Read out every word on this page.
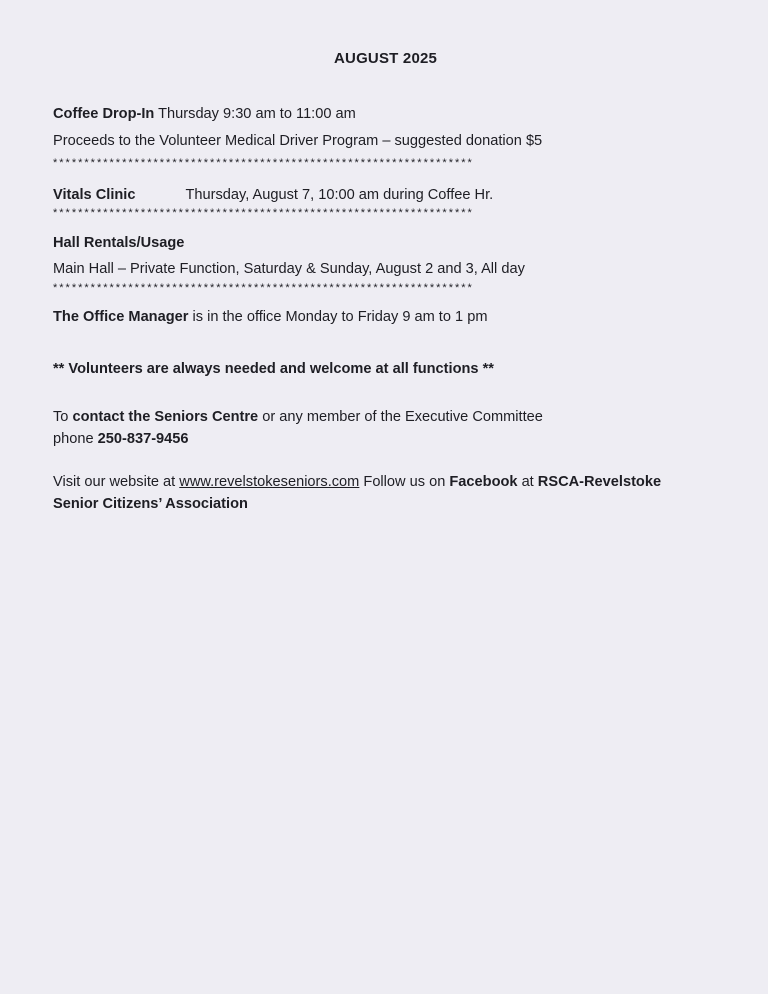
AUGUST 2025
Coffee Drop-In Thursday 9:30 am to 11:00 am
Proceeds to the Volunteer Medical Driver Program – suggested donation $5
*******************************************************************
Vitals Clinic	Thursday, August 7, 10:00 am during Coffee Hr.
*******************************************************************
Hall Rentals/Usage
Main Hall – Private Function, Saturday & Sunday, August 2 and 3, All day
*******************************************************************
The Office Manager is in the office Monday to Friday 9 am to 1 pm
** Volunteers are always needed and welcome at all functions **
To contact the Seniors Centre or any member of the Executive Committee
phone 250-837-9456
Visit our website at www.revelstokeseniors.com Follow us on Facebook at RSCA-Revelstoke
Senior Citizens’ Association
